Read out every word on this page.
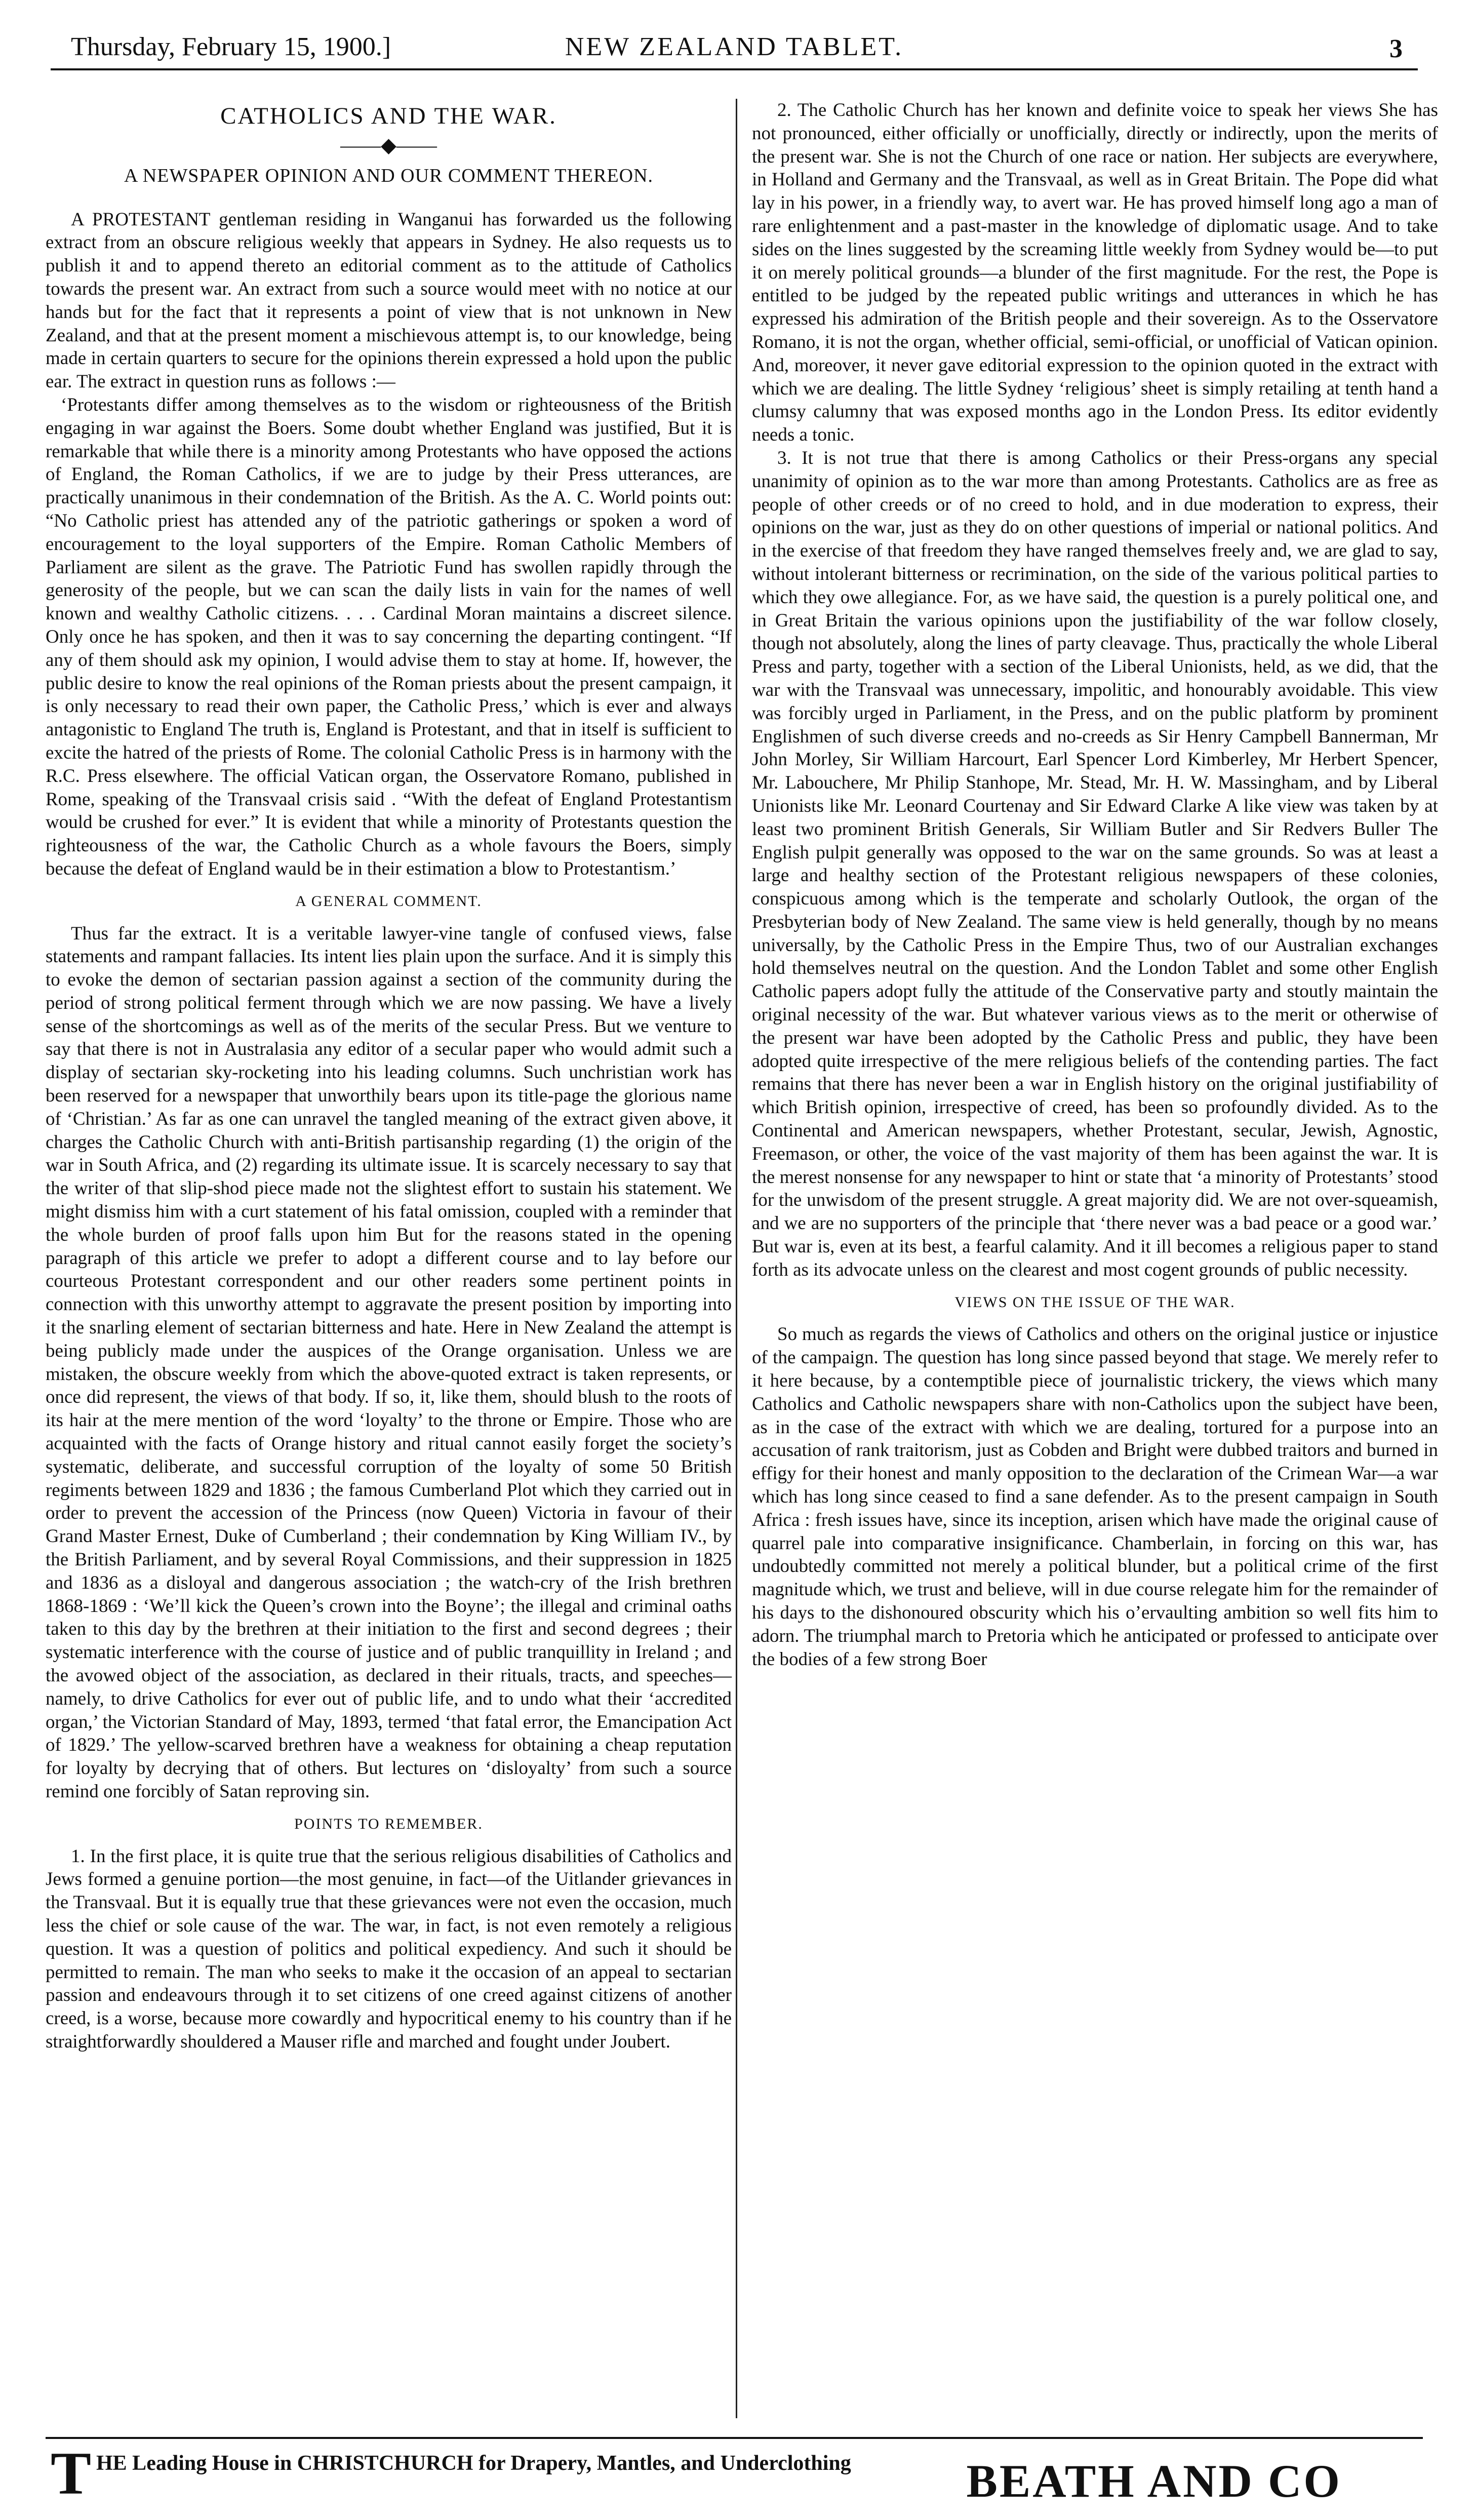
Thursday, February 15, 1900.]	NEW ZEALAND TABLET.	3
CATHOLICS AND THE WAR.
——◆——
A NEWSPAPER OPINION AND OUR COMMENT THEREON.

A PROTESTANT gentleman residing in Wanganui has forwarded us the following extract from an obscure religious weekly that appears in Sydney. He also requests us to publish it and to append thereto an editorial comment as to the attitude of Catholics towards the present war. An extract from such a source would meet with no notice at our hands but for the fact that it represents a point of view that is not unknown in New Zealand, and that at the present moment a mischievous attempt is, to our knowledge, being made in certain quarters to secure for the opinions therein expressed a hold upon the public ear. The extract in question runs as follows :—

‘Protestants differ among themselves as to the wisdom or righteousness of the British engaging in war against the Boers. Some doubt whether England was justified, But it is remarkable that while there is a minority among Protestants who have opposed the actions of England, the Roman Catholics, if we are to judge by their Press utterances, are practically unanimous in their condemnation of the British. As the A. C. World points out: “No Catholic priest has attended any of the patriotic gatherings or spoken a word of encouragement to the loyal supporters of the Empire. Roman Catholic Members of Parliament are silent as the grave. The Patriotic Fund has swollen rapidly through the generosity of the people, but we can scan the daily lists in vain for the names of well known and wealthy Catholic citizens. . . . Cardinal Moran maintains a discreet silence. Only once he has spoken, and then it was to say concerning the departing contingent. “If any of them should ask my opinion, I would advise them to stay at home. If, however, the public desire to know the real opinions of the Roman priests about the present campaign, it is only necessary to read their own paper, the Catholic Press,’ which is ever and always antagonistic to England The truth is, England is Protestant, and that in itself is sufficient to excite the hatred of the priests of Rome. The colonial Catholic Press is in harmony with the R.C. Press elsewhere. The official Vatican organ, the Osservatore Romano, published in Rome, speaking of the Transvaal crisis said . “With the defeat of England Protestantism would be crushed for ever.” It is evident that while a minority of Protestants question the righteousness of the war, the Catholic Church as a whole favours the Boers, simply because the defeat of England wauld be in their estimation a blow to Protestantism.’

A GENERAL COMMENT.

Thus far the extract. It is a veritable lawyer-vine tangle of confused views, false statements and rampant fallacies. Its intent lies plain upon the surface. And it is simply this to evoke the demon of sectarian passion against a section of the community during the period of strong political ferment through which we are now passing. We have a lively sense of the shortcomings as well as of the merits of the secular Press. But we venture to say that there is not in Australasia any editor of a secular paper who would admit such a display of sectarian sky-rocketing into his leading columns. Such unchristian work has been reserved for a newspaper that unworthily bears upon its title-page the glorious name of ‘Christian.’ As far as one can unravel the tangled meaning of the extract given above, it charges the Catholic Church with anti-British partisanship regarding (1) the origin of the war in South Africa, and (2) regarding its ultimate issue. It is scarcely necessary to say that the writer of that slip-shod piece made not the slightest effort to sustain his statement. We might dismiss him with a curt statement of his fatal omission, coupled with a reminder that the whole burden of proof falls upon him But for the reasons stated in the opening paragraph of this article we prefer to adopt a different course and to lay before our courteous Protestant correspondent and our other readers some pertinent points in connection with this unworthy attempt to aggravate the present position by importing into it the snarling element of sectarian bitterness and hate. Here in New Zealand the attempt is being publicly made under the auspices of the Orange organisation. Unless we are mistaken, the obscure weekly from which the above-quoted extract is taken represents, or once did represent, the views of that body. If so, it, like them, should blush to the roots of its hair at the mere mention of the word ‘loyalty’ to the throne or Empire. Those who are acquainted with the facts of Orange history and ritual cannot easily forget the society’s systematic, deliberate, and successful corruption of the loyalty of some 50 British regiments between 1829 and 1836 ; the famous Cumberland Plot which they carried out in order to prevent the accession of the Princess (now Queen) Victoria in favour of their Grand Master Ernest, Duke of Cumberland ; their condemnation by King William IV., by the British Parliament, and by several Royal Commissions, and their suppression in 1825 and 1836 as a disloyal and dangerous association ; the watch-cry of the Irish brethren 1868-1869 : ‘We’ll kick the Queen’s crown into the Boyne’; the illegal and criminal oaths taken to this day by the brethren at their initiation to the first and second degrees ; their systematic interference with the course of justice and of public tranquillity in Ireland ; and the avowed object of the association, as declared in their rituals, tracts, and speeches—namely, to drive Catholics for ever out of public life, and to undo what their ‘accredited organ,’ the Victorian Standard of May, 1893, termed ‘that fatal error, the Emancipation Act of 1829.’ The yellow-scarved brethren have a weakness for obtaining a cheap reputation for loyalty by decrying that of others. But lectures on ‘disloyalty’ from such a source remind one forcibly of Satan reproving sin.

POINTS TO REMEMBER.

1. In the first place, it is quite true that the serious religious disabilities of Catholics and Jews formed a genuine portion—the most genuine, in fact—of the Uitlander grievances in the Transvaal. But it is equally true that these grievances were not even the occasion, much less the chief or sole cause of the war. The war, in fact, is not even remotely a religious question. It was a question of politics and political expediency. And such it should be permitted to remain. The man who seeks to make it the occasion of an appeal to sectarian passion and endeavours through it to set citizens of one creed against citizens of another creed, is a worse, because more cowardly and hypocritical enemy to his country than if he straightforwardly shouldered a Mauser rifle and marched and fought under Joubert.

2. The Catholic Church has her known and definite voice to speak her views She has not pronounced, either officially or unofficially, directly or indirectly, upon the merits of the present war. She is not the Church of one race or nation. Her subjects are everywhere, in Holland and Germany and the Transvaal, as well as in Great Britain. The Pope did what lay in his power, in a friendly way, to avert war. He has proved himself long ago a man of rare enlightenment and a past-master in the knowledge of diplomatic usage. And to take sides on the lines suggested by the screaming little weekly from Sydney would be—to put it on merely political grounds—a blunder of the first magnitude. For the rest, the Pope is entitled to be judged by the repeated public writings and utterances in which he has expressed his admiration of the British people and their sovereign. As to the Osservatore Romano, it is not the organ, whether official, semi-official, or unofficial of Vatican opinion. And, moreover, it never gave editorial expression to the opinion quoted in the extract with which we are dealing. The little Sydney ‘religious’ sheet is simply retailing at tenth hand a clumsy calumny that was exposed months ago in the London Press. Its editor evidently needs a tonic.

3. It is not true that there is among Catholics or their Press-organs any special unanimity of opinion as to the war more than among Protestants. Catholics are as free as people of other creeds or of no creed to hold, and in due moderation to express, their opinions on the war, just as they do on other questions of imperial or national politics. And in the exercise of that freedom they have ranged themselves freely and, we are glad to say, without intolerant bitterness or recrimination, on the side of the various political parties to which they owe allegiance. For, as we have said, the question is a purely political one, and in Great Britain the various opinions upon the justifiability of the war follow closely, though not absolutely, along the lines of party cleavage. Thus, practically the whole Liberal Press and party, together with a section of the Liberal Unionists, held, as we did, that the war with the Transvaal was unnecessary, impolitic, and honourably avoidable. This view was forcibly urged in Parliament, in the Press, and on the public platform by prominent Englishmen of such diverse creeds and no-creeds as Sir Henry Campbell Bannerman, Mr John Morley, Sir William Harcourt, Earl Spencer Lord Kimberley, Mr Herbert Spencer, Mr. Labouchere, Mr Philip Stanhope, Mr. Stead, Mr. H. W. Massingham, and by Liberal Unionists like Mr. Leonard Courtenay and Sir Edward Clarke A like view was taken by at least two prominent British Generals, Sir William Butler and Sir Redvers Buller The English pulpit generally was opposed to the war on the same grounds. So was at least a large and healthy section of the Protestant religious newspapers of these colonies, conspicuous among which is the temperate and scholarly Outlook, the organ of the Presbyterian body of New Zealand. The same view is held generally, though by no means universally, by the Catholic Press in the Empire Thus, two of our Australian exchanges hold themselves neutral on the question. And the London Tablet and some other English Catholic papers adopt fully the attitude of the Conservative party and stoutly maintain the original necessity of the war. But whatever various views as to the merit or otherwise of the present war have been adopted by the Catholic Press and public, they have been adopted quite irrespective of the mere religious beliefs of the contending parties. The fact remains that there has never been a war in English history on the original justifiability of which British opinion, irrespective of creed, has been so profoundly divided. As to the Continental and American newspapers, whether Protestant, secular, Jewish, Agnostic, Freemason, or other, the voice of the vast majority of them has been against the war. It is the merest nonsense for any newspaper to hint or state that ‘a minority of Protestants’ stood for the unwisdom of the present struggle. A great majority did. We are not over-squeamish, and we are no supporters of the principle that ‘there never was a bad peace or a good war.’ But war is, even at its best, a fearful calamity. And it ill becomes a religious paper to stand forth as its advocate unless on the clearest and most cogent grounds of public necessity.

VIEWS ON THE ISSUE OF THE WAR.

So much as regards the views of Catholics and others on the original justice or injustice of the campaign. The question has long since passed beyond that stage. We merely refer to it here because, by a contemptible piece of journalistic trickery, the views which many Catholics and Catholic newspapers share with non-Catholics upon the subject have been, as in the case of the extract with which we are dealing, tortured for a purpose into an accusation of rank traitorism, just as Cobden and Bright were dubbed traitors and burned in effigy for their honest and manly opposition to the declaration of the Crimean War—a war which has long since ceased to find a sane defender. As to the present campaign in South Africa : fresh issues have, since its inception, arisen which have made the original cause of quarrel pale into comparative insignificance. Chamberlain, in forcing on this war, has undoubtedly committed not merely a political blunder, but a political crime of the first magnitude which, we trust and believe, will in due course relegate him for the remainder of his days to the dishonoured obscurity which his o’ervaulting ambition so well fits him to adorn. The triumphal march to Pretoria which he anticipated or professed to anticipate over the bodies of a few strong Boer

T HE Leading House in CHRISTCHURCH for Drapery, Mantles, and Underclothing BEATH AND CO
